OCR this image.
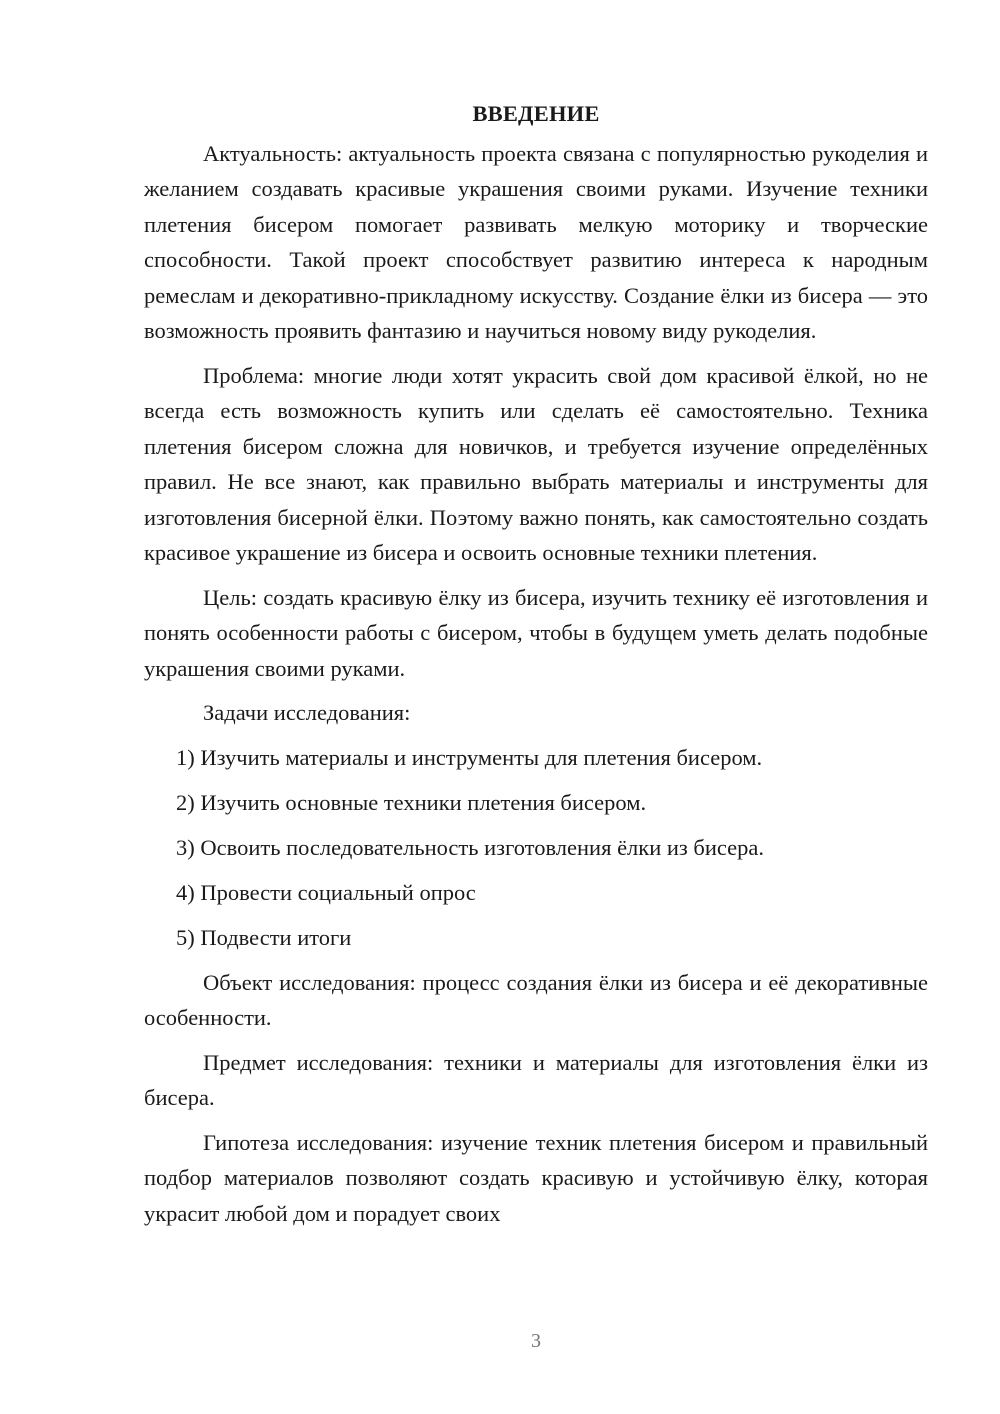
ВВЕДЕНИЕ

Актуальность: актуальность проекта связана с популярностью рукоделия и желанием создавать красивые украшения своими руками. Изучение техники плетения бисером помогает развивать мелкую моторику и творческие способности. Такой проект способствует развитию интереса к народным ремеслам и декоративно-прикладному искусству. Создание ёлки из бисера — это возможность проявить фантазию и научиться новому виду рукоделия.

Проблема: многие люди хотят украсить свой дом красивой ёлкой, но не всегда есть возможность купить или сделать её самостоятельно. Техника плетения бисером сложна для новичков, и требуется изучение определённых правил. Не все знают, как правильно выбрать материалы и инструменты для изготовления бисерной ёлки. Поэтому важно понять, как самостоятельно создать красивое украшение из бисера и освоить основные техники плетения.

Цель: создать красивую ёлку из бисера, изучить технику её изготовления и понять особенности работы с бисером, чтобы в будущем уметь делать подобные украшения своими руками.

Задачи исследования:

1) Изучить материалы и инструменты для плетения бисером.
2) Изучить основные техники плетения бисером.
3) Освоить последовательность изготовления ёлки из бисера.
4) Провести социальный опрос
5) Подвести итоги

Объект исследования: процесс создания ёлки из бисера и её декоративные особенности.

Предмет исследования: техники и материалы для изготовления ёлки из бисера.

Гипотеза исследования: изучение техник плетения бисером и правильный подбор материалов позволяют создать красивую и устойчивую ёлку, которая украсит любой дом и порадует своих

3
